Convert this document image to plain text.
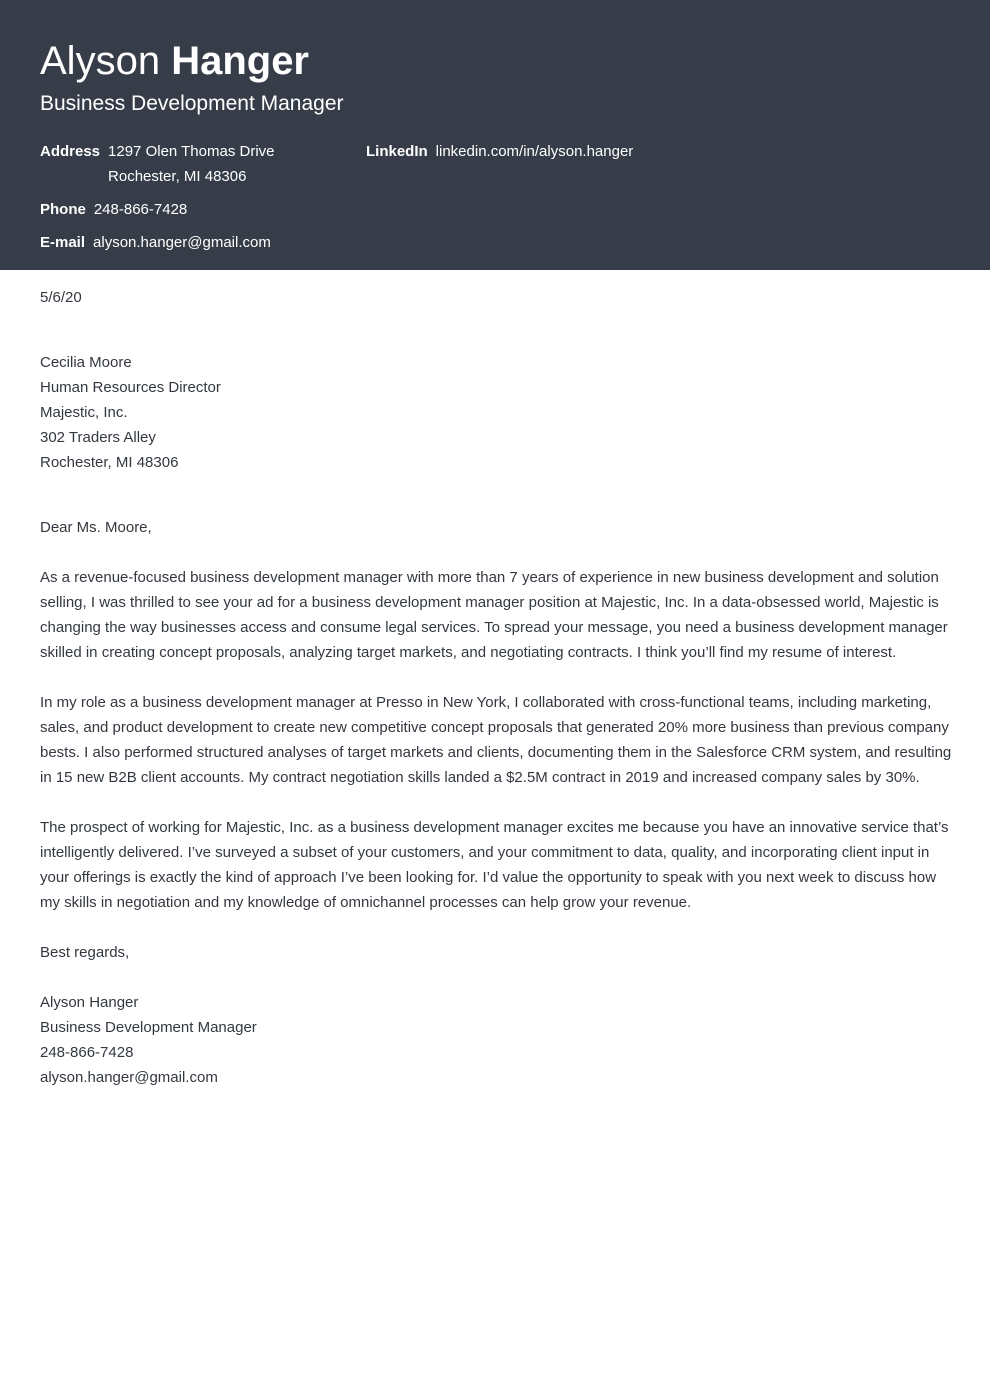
Alyson Hanger
Business Development Manager
Address 1297 Olen Thomas Drive
Rochester, MI 48306
LinkedIn linkedin.com/in/alyson.hanger
Phone 248-866-7428
E-mail alyson.hanger@gmail.com
5/6/20
Cecilia Moore
Human Resources Director
Majestic, Inc.
302 Traders Alley
Rochester, MI 48306
Dear Ms. Moore,
As a revenue-focused business development manager with more than 7 years of experience in new business development and solution selling, I was thrilled to see your ad for a business development manager position at Majestic, Inc. In a data-obsessed world, Majestic is changing the way businesses access and consume legal services. To spread your message, you need a business development manager skilled in creating concept proposals, analyzing target markets, and negotiating contracts. I think you’ll find my resume of interest.
In my role as a business development manager at Presso in New York, I collaborated with cross-functional teams, including marketing, sales, and product development to create new competitive concept proposals that generated 20% more business than previous company bests. I also performed structured analyses of target markets and clients, documenting them in the Salesforce CRM system, and resulting in 15 new B2B client accounts. My contract negotiation skills landed a $2.5M contract in 2019 and increased company sales by 30%.
The prospect of working for Majestic, Inc. as a business development manager excites me because you have an innovative service that’s intelligently delivered. I’ve surveyed a subset of your customers, and your commitment to data, quality, and incorporating client input in your offerings is exactly the kind of approach I’ve been looking for. I’d value the opportunity to speak with you next week to discuss how my skills in negotiation and my knowledge of omnichannel processes can help grow your revenue.
Best regards,
Alyson Hanger
Business Development Manager
248-866-7428
alyson.hanger@gmail.com
